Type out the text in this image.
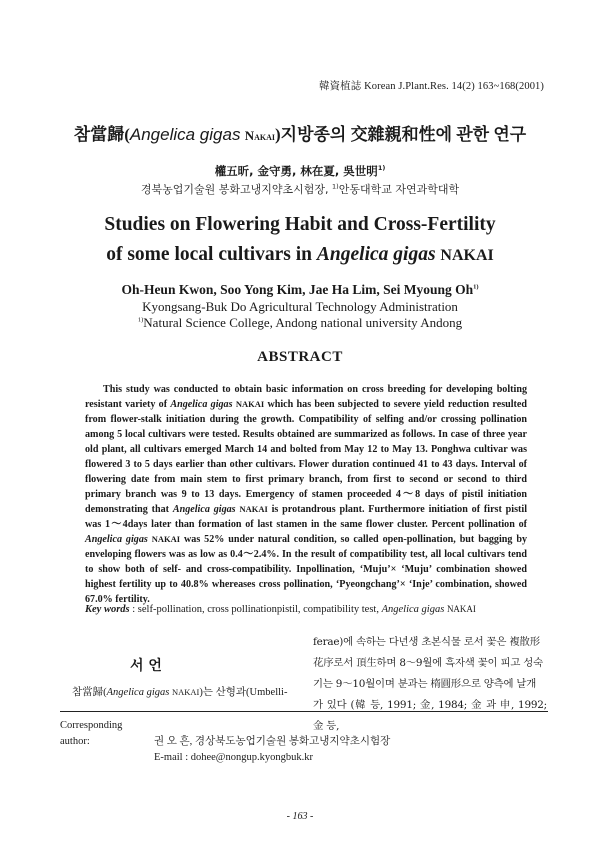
韓資植誌 Korean J.Plant.Res. 14(2) 163~168(2001)
참當歸(Angelica gigas NAKAI)지방종의 交雜親和性에 관한 연구
權五昕, 金守勇, 林在夏, 吳世明$^{1)}$
경북농업기술원 봉화고냉지약초시험장, $^{1)}$안동대학교 자연과학대학
Studies on Flowering Habit and Cross-Fertility
of some local cultivars in Angelica gigas NAKAI
Oh-Heun Kwon, Soo Yong Kim, Jae Ha Lim, Sei Myoung Oh$^{1)}$
Kyongsang-Buk Do Agricultural Technology Administration
$^{1)}$Natural Science College, Andong national university Andong
ABSTRACT
This study was conducted to obtain basic information on cross breeding for developing bolting resistant variety of Angelica gigas NAKAI which has been subjected to severe yield reduction resulted from flower-stalk initiation during the growth. Compatibility of selfing and/or crossing pollination among 5 local cultivars were tested. Results obtained are summarized as follows. In case of three year old plant, all cultivars emerged March 14 and bolted from May 12 to May 13. Ponghwa cultivar was flowered 3 to 5 days earlier than other cultivars. Flower duration continued 41 to 43 days. Interval of flowering date from main stem to first primary branch, from first to second or second to third primary branch was 9 to 13 days. Emergency of stamen proceeded 4～8 days of pistil initiation demonstrating that Angelica gigas NAKAI is protandrous plant. Furthermore initiation of first pistil was 1～4days later than formation of last stamen in the same flower cluster. Percent pollination of Angelica gigas NAKAI was 52% under natural condition, so called open-pollination, but bagging by enveloping flowers was as low as 0.4～2.4%. In the result of compatibility test, all local cultivars tend to show both of self- and cross-compatibility. Inpollination, ‘Muju’× ‘Muju’ combination showed highest fertility up to 40.8% whereases cross pollination, ‘Pyeongchang’× ‘Inje’ combination, showed 67.0% fertility.
Key words : self-pollination, cross pollinationpistil, compatibility test, Angelica gigas NAKAI
서 언
참當歸(Angelica gigas NAKAI)는 산형과(Umbelli-
ferae)에 속하는 다년생 초본식물 로서 꽃은 複散形
花序로서 頂生하며 8～9월에 흑자색 꽃이 피고 성숙
기는 9～10월이며 분과는 楕圓形으로 양측에 날개
가 있다 (韓 등, 1991; 金, 1984; 金 과 申, 1992; 金 등,
Corresponding author:	권 오 흔, 경상북도농업기술원 봉화고냉지약초시험장
E-mail : dohee@nongup.kyongbuk.kr
- 163 -
